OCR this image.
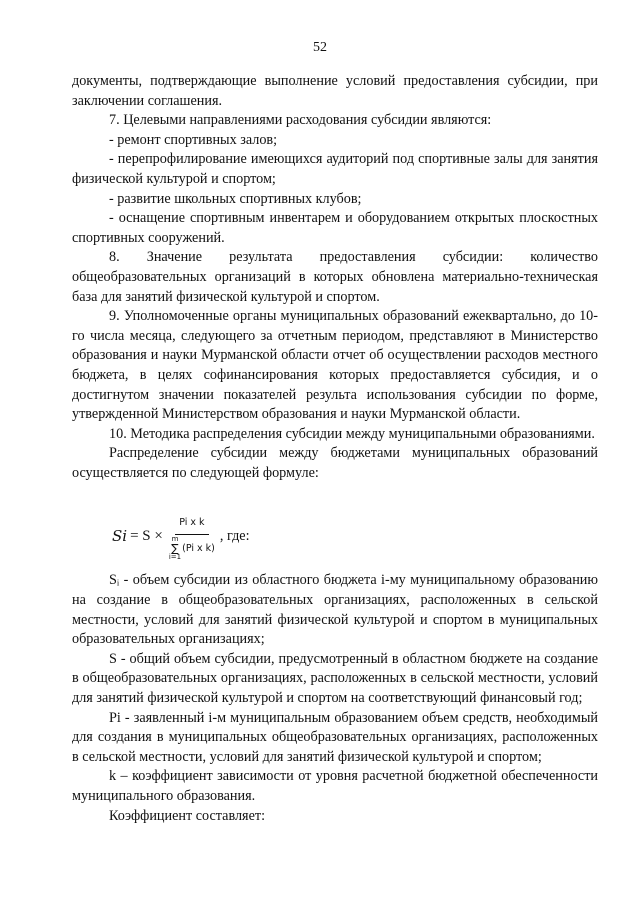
52

документы, подтверждающие выполнение условий предоставления субсидии, при заключении соглашения.

7. Целевыми направлениями расходования субсидии являются:

- ремонт спортивных залов;

- перепрофилирование имеющихся аудиторий под спортивные залы для занятия физической культурой и спортом;

- развитие школьных спортивных клубов;

- оснащение спортивным инвентарем и оборудованием открытых плоскостных спортивных сооружений.

8. Значение результата предоставления субсидии: количество общеобразовательных организаций в которых обновлена материально-техническая база для занятий физической культурой и спортом.

9. Уполномоченные органы муниципальных образований ежеквартально, до 10-го числа месяца, следующего за отчетным периодом, представляют в Министерство образования и науки Мурманской области отчет об осуществлении расходов местного бюджета, в целях софинансирования которых предоставляется субсидия, и о достигнутом значении показателей результа использования субсидии по форме, утвержденной Министерством образования и науки Мурманской области.

10. Методика распределения субсидии между муниципальными образованиями.

Распределение субсидии между бюджетами муниципальных образований осуществляется по следующей формуле:

Si = S ×
Pi x k
m
∑
i=1
(Pi x k)
, где:

Sᵢ - объем субсидии из областного бюджета i-му муниципальному образованию на создание в общеобразовательных организациях, расположенных в сельской местности, условий для занятий физической культурой и спортом в муниципальных образовательных организациях;

S - общий объем субсидии, предусмотренный в областном бюджете на создание в общеобразовательных организациях, расположенных в сельской местности, условий для занятий физической культурой и спортом на соответствующий финансовый год;

Pi - заявленный i-м муниципальным образованием объем средств, необходимый для создания в муниципальных общеобразовательных организациях, расположенных в сельской местности, условий для занятий физической культурой и спортом;

k – коэффициент зависимости от уровня расчетной бюджетной обеспеченности муниципального образования.

Коэффициент составляет:
